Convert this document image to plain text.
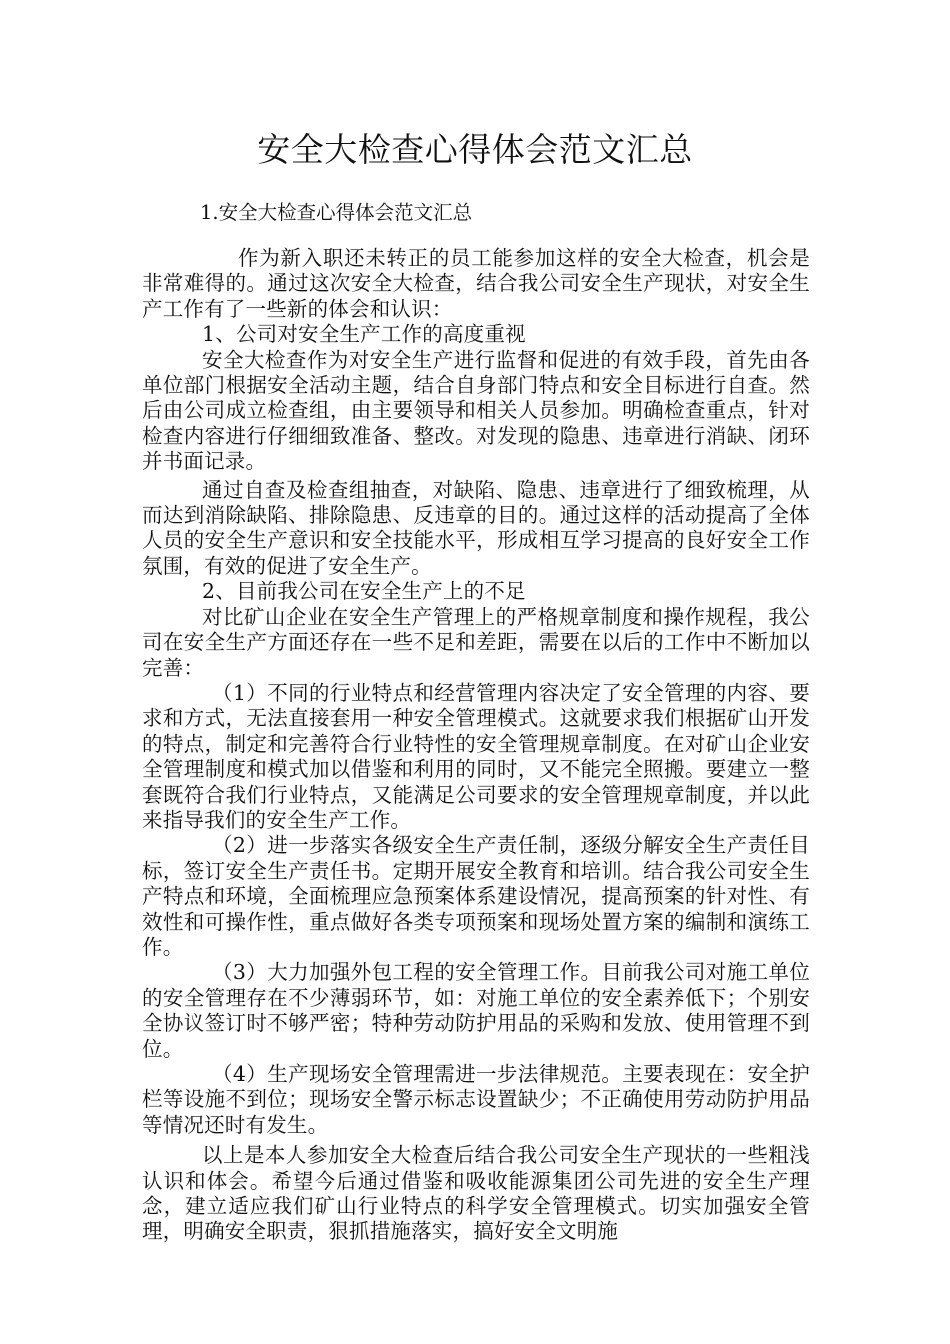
安全大检查心得体会范文汇总
1.安全大检查心得体会范文汇总

作为新入职还未转正的员工能参加这样的安全大检查，机会是非常难得的。通过这次安全大检查，结合我公司安全生产现状，对安全生产工作有了一些新的体会和认识：

1、公司对安全生产工作的高度重视

安全大检查作为对安全生产进行监督和促进的有效手段，首先由各单位部门根据安全活动主题，结合自身部门特点和安全目标进行自查。然后由公司成立检查组，由主要领导和相关人员参加。明确检查重点，针对检查内容进行仔细细致准备、整改。对发现的隐患、违章进行消缺、闭环并书面记录。

通过自查及检查组抽查，对缺陷、隐患、违章进行了细致梳理，从而达到消除缺陷、排除隐患、反违章的目的。通过这样的活动提高了全体人员的安全生产意识和安全技能水平，形成相互学习提高的良好安全工作氛围，有效的促进了安全生产。

2、目前我公司在安全生产上的不足

对比矿山企业在安全生产管理上的严格规章制度和操作规程，我公司在安全生产方面还存在一些不足和差距，需要在以后的工作中不断加以完善：

（1）不同的行业特点和经营管理内容决定了安全管理的内容、要求和方式，无法直接套用一种安全管理模式。这就要求我们根据矿山开发的特点，制定和完善符合行业特性的安全管理规章制度。在对矿山企业安全管理制度和模式加以借鉴和利用的同时，又不能完全照搬。要建立一整套既符合我们行业特点，又能满足公司要求的安全管理规章制度，并以此来指导我们的安全生产工作。

（2）进一步落实各级安全生产责任制，逐级分解安全生产责任目标，签订安全生产责任书。定期开展安全教育和培训。结合我公司安全生产特点和环境，全面梳理应急预案体系建设情况，提高预案的针对性、有效性和可操作性，重点做好各类专项预案和现场处置方案的编制和演练工作。

（3）大力加强外包工程的安全管理工作。目前我公司对施工单位的安全管理存在不少薄弱环节，如：对施工单位的安全素养低下；个别安全协议签订时不够严密；特种劳动防护用品的采购和发放、使用管理不到位。

（4）生产现场安全管理需进一步法律规范。主要表现在：安全护栏等设施不到位；现场安全警示标志设置缺少；不正确使用劳动防护用品等情况还时有发生。

以上是本人参加安全大检查后结合我公司安全生产现状的一些粗浅认识和体会。希望今后通过借鉴和吸收能源集团公司先进的安全生产理念，建立适应我们矿山行业特点的科学安全管理模式。切实加强安全管理，明确安全职责，狠抓措施落实，搞好安全文明施
